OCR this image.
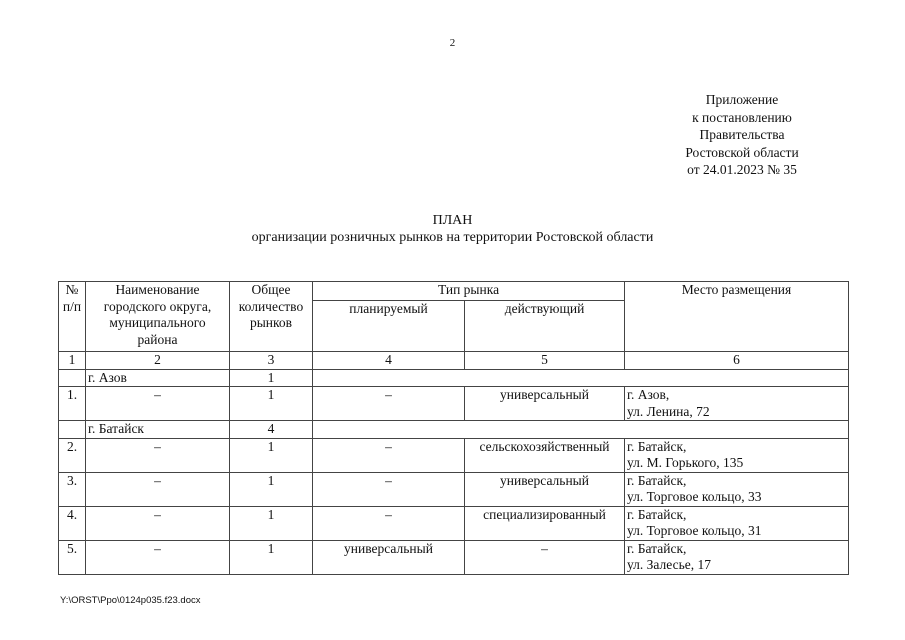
2
Приложение
к постановлению
Правительства
Ростовской области
от 24.01.2023 № 35
ПЛАН
организации розничных рынков на территории Ростовской области
№ п/п	Наименование городского округа, муниципального района	Общее количество рынков	Тип рынка		Место размещения
			планируемый	действующий	
1	2	3	4	5	6
	г. Азов	1			
1.	–	1	–	универсальный	г. Азов,
ул. Ленина, 72

	г. Батайск	4			
2.	–	1	–	сельскохозяйственный	г. Батайск,
ул. М. Горького, 135

3.	–	1	–	универсальный	г. Батайск,
ул. Торговое кольцо, 33

4.	–	1	–	специализированный	г. Батайск,
ул. Торговое кольцо, 31

5.	–	1	универсальный	–	г. Батайск,
ул. Залесье, 17
Y:\ORST\Ppo\0124p035.f23.docx
